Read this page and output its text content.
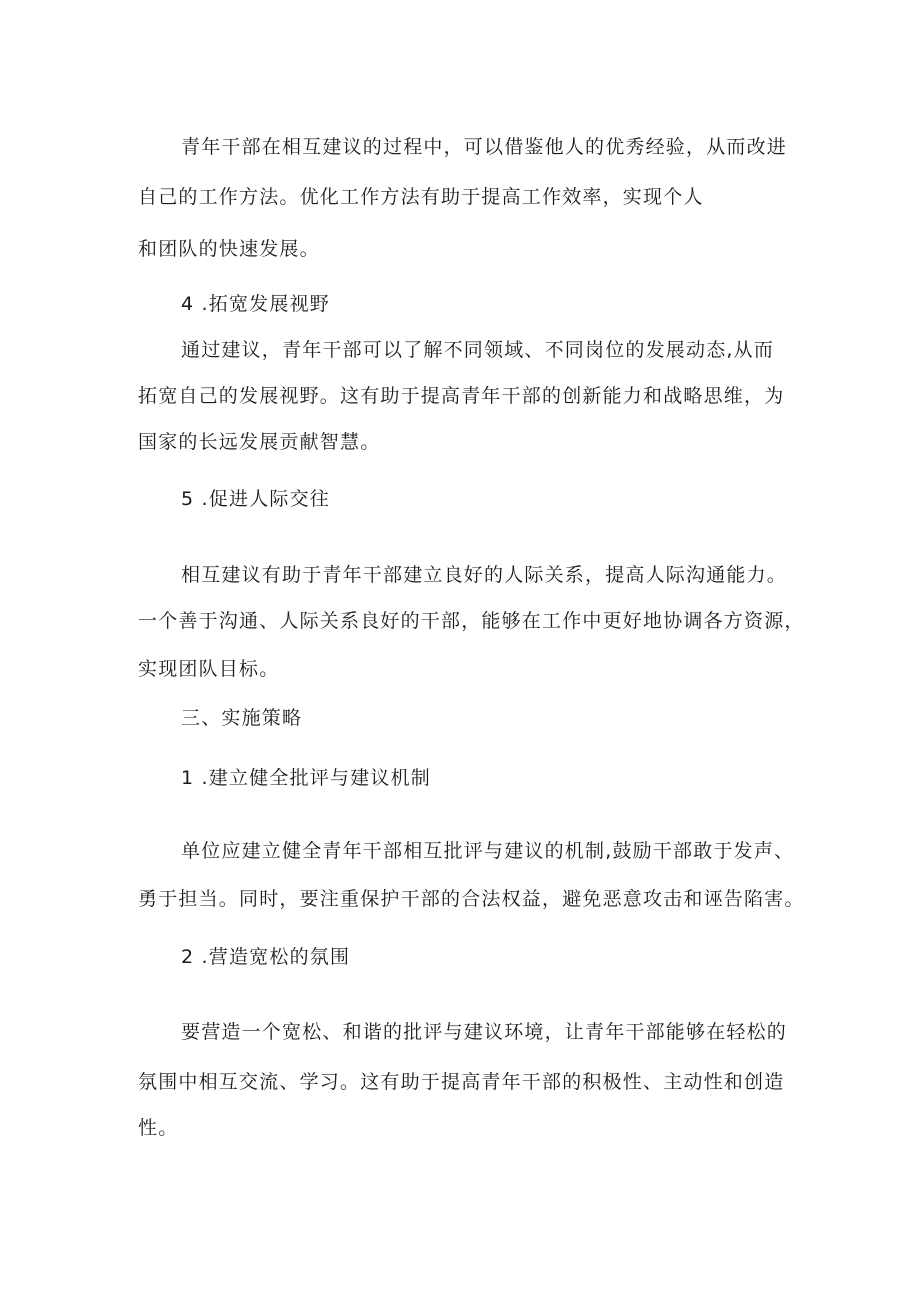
青年干部在相互建议的过程中，可以借鉴他人的优秀经验，从而改进
自己的工作方法。优化工作方法有助于提高工作效率，实现个人
和团队的快速发展。
4 .拓宽发展视野
通过建议，青年干部可以了解不同领域、不同岗位的发展动态,从而
拓宽自己的发展视野。这有助于提高青年干部的创新能力和战略思维，为
国家的长远发展贡献智慧。
5 .促进人际交往
相互建议有助于青年干部建立良好的人际关系，提高人际沟通能力。
一个善于沟通、人际关系良好的干部，能够在工作中更好地协调各方资源，
实现团队目标。
三、实施策略
1 .建立健全批评与建议机制
单位应建立健全青年干部相互批评与建议的机制,鼓励干部敢于发声、
勇于担当。同时，要注重保护干部的合法权益，避免恶意攻击和诬告陷害。
2 .营造宽松的氛围
要营造一个宽松、和谐的批评与建议环境，让青年干部能够在轻松的
氛围中相互交流、学习。这有助于提高青年干部的积极性、主动性和创造
性。
